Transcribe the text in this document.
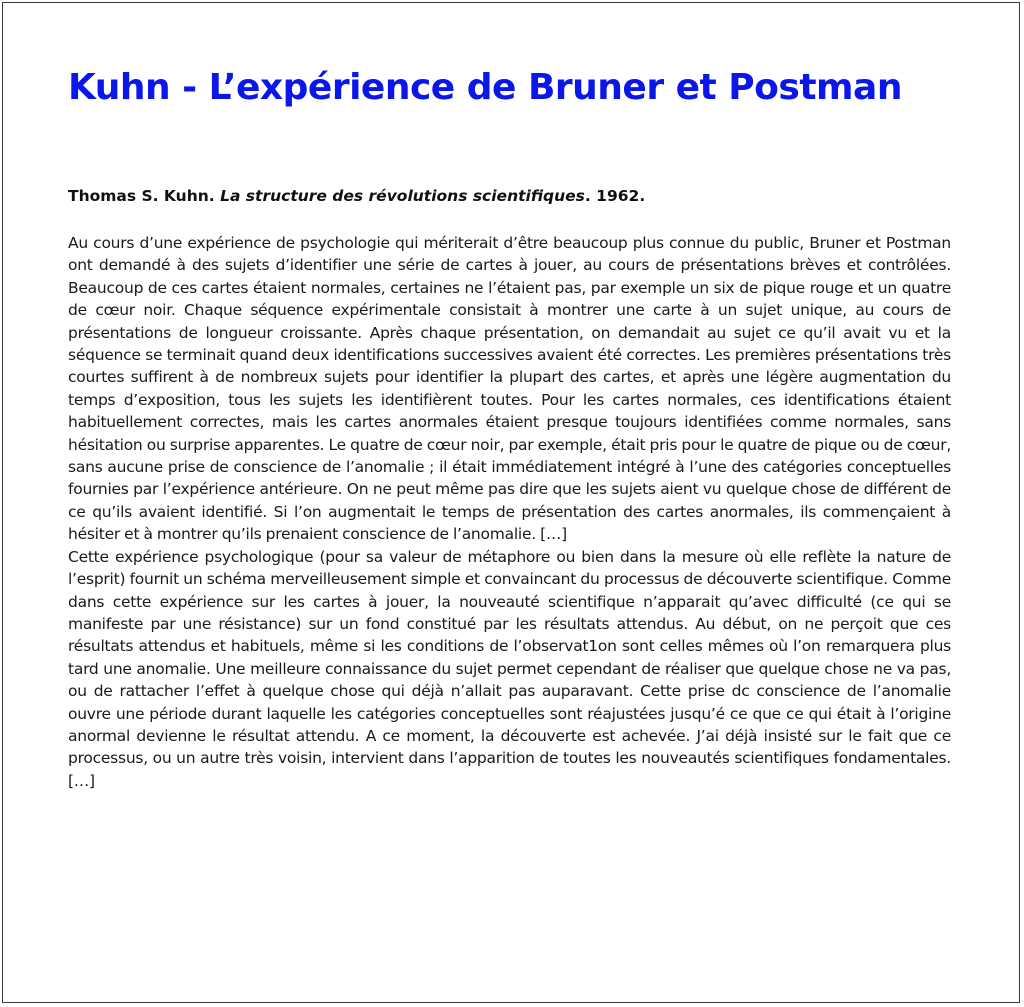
Kuhn - L’expérience de Bruner et Postman

Thomas S. Kuhn. La structure des révolutions scientifiques. 1962.

Au cours d’une expérience de psychologie qui mériterait d’être beaucoup plus connue du public, Bruner et Postman ont demandé à des sujets d’identifier une série de cartes à jouer, au cours de présentations brèves et contrôlées. Beaucoup de ces cartes étaient normales, certaines ne l’étaient pas, par exemple un six de pique rouge et un quatre de cœur noir. Chaque séquence expérimentale consistait à montrer une carte à un sujet unique, au cours de présentations de longueur croissante. Après chaque présentation, on demandait au sujet ce qu’il avait vu et la séquence se terminait quand deux identifications successives avaient été correctes. Les premières présentations très courtes suffirent à de nombreux sujets pour identifier la plupart des cartes, et après une légère augmentation du temps d’exposition, tous les sujets les identifièrent toutes. Pour les cartes normales, ces identifications étaient habituellement correctes, mais les cartes anormales étaient presque toujours identifiées comme normales, sans hésitation ou surprise apparentes. Le quatre de cœur noir, par exemple, était pris pour le quatre de pique ou de cœur, sans aucune prise de conscience de l’anomalie ; il était immédiatement intégré à l’une des catégories conceptuelles fournies par l’expérience antérieure. On ne peut même pas dire que les sujets aient vu quelque chose de différent de ce qu’ils avaient identifié. Si l’on augmentait le temps de présentation des cartes anormales, ils commençaient à hésiter et à montrer qu’ils prenaient conscience de l’anomalie. […]

Cette expérience psychologique (pour sa valeur de métaphore ou bien dans la mesure où elle reflète la nature de l’esprit) fournit un schéma merveilleusement simple et convaincant du processus de découverte scientifique. Comme dans cette expérience sur les cartes à jouer, la nouveauté scientifique n’apparait qu’avec difficulté (ce qui se manifeste par une résistance) sur un fond constitué par les résultats attendus. Au début, on ne perçoit que ces résultats attendus et habituels, même si les conditions de l’observat1on sont celles mêmes où l’on remarquera plus tard une anomalie. Une meilleure connaissance du sujet permet cependant de réaliser que quelque chose ne va pas, ou de rattacher l’effet à quelque chose qui déjà n’allait pas auparavant. Cette prise dc conscience de l’anomalie ouvre une période durant laquelle les catégories conceptuelles sont réajustées jusqu’é ce que ce qui était à l’origine anormal devienne le résultat attendu. A ce moment, la découverte est achevée. J’ai déjà insisté sur le fait que ce processus, ou un autre très voisin, intervient dans l’apparition de toutes les nouveautés scientifiques fondamentales. […]
